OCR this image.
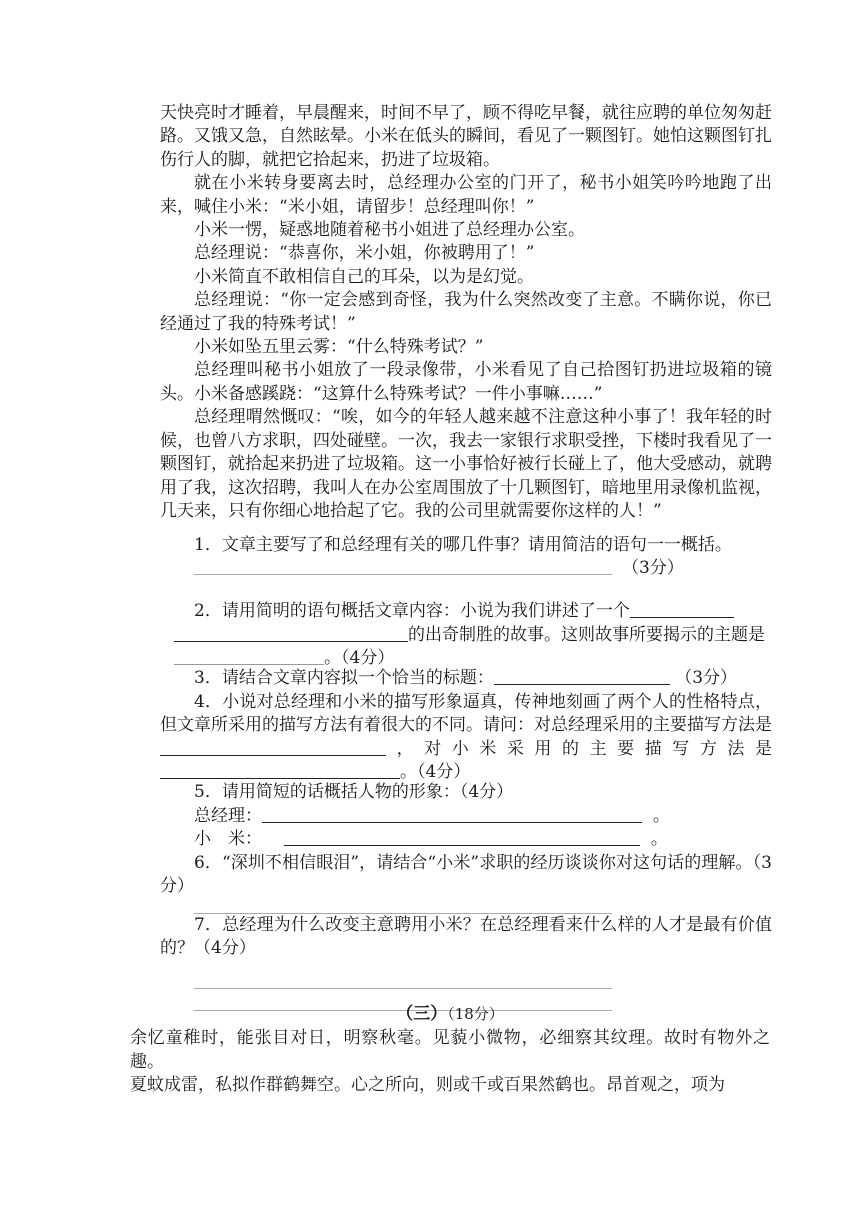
天快亮时才睡着，早晨醒来，时间不早了，顾不得吃早餐，就往应聘的单位匆匆赶路。又饿又急，自然眩晕。小米在低头的瞬间，看见了一颗图钉。她怕这颗图钉扎伤行人的脚，就把它拾起来，扔进了垃圾箱。

就在小米转身要离去时，总经理办公室的门开了，秘书小姐笑吟吟地跑了出来，喊住小米：“米小姐，请留步！总经理叫你！”

小米一愣，疑惑地随着秘书小姐进了总经理办公室。

总经理说：“恭喜你，米小姐，你被聘用了！”

小米简直不敢相信自己的耳朵，以为是幻觉。

总经理说：“你一定会感到奇怪，我为什么突然改变了主意。不瞒你说，你已经通过了我的特殊考试！”

小米如坠五里云雾：“什么特殊考试？”

总经理叫秘书小姐放了一段录像带，小米看见了自己拾图钉扔进垃圾箱的镜头。小米备感蹊跷：“这算什么特殊考试？一件小事嘛……”

总经理喟然慨叹：“唉，如今的年轻人越来越不注意这种小事了！我年轻的时候，也曾八方求职，四处碰壁。一次，我去一家银行求职受挫，下楼时我看见了一颗图钉，就拾起来扔进了垃圾箱。这一小事恰好被行长碰上了，他大受感动，就聘用了我，这次招聘，我叫人在办公室周围放了十几颗图钉，暗地里用录像机监视，几天来，只有你细心地拾起了它。我的公司里就需要你这样的人！”

1．文章主要写了和总经理有关的哪几件事？请用简洁的语句一一概括。

（3分）

2．请用简明的语句概括文章内容：小说为我们讲述了一个

的出奇制胜的故事。这则故事所要揭示的主题是。（4分）

3．请结合文章内容拟一个恰当的标题：	（3分）

4．小说对总经理和小米的描写形象逼真，传神地刻画了两个人的性格特点，但文章所采用的描写方法有着很大的不同。请问：对总经理采用的主要描写方法是，对小米采用的主要描写方法是。（4分）

5．请用简短的话概括人物的形象：（4分）

总经理：	。

小　米：	。

6．“深圳不相信眼泪”，请结合“小米”求职的经历谈谈你对这句话的理解。（3分）

7．总经理为什么改变主意聘用小米？在总经理看来什么样的人才是最有价值的？（4分）

（三）（18分）

余忆童稚时，能张目对日，明察秋毫。见藐小微物，必细察其纹理。故时有物外之趣。

夏蚊成雷，私拟作群鹤舞空。心之所向，则或千或百果然鹤也。昂首观之，项为
